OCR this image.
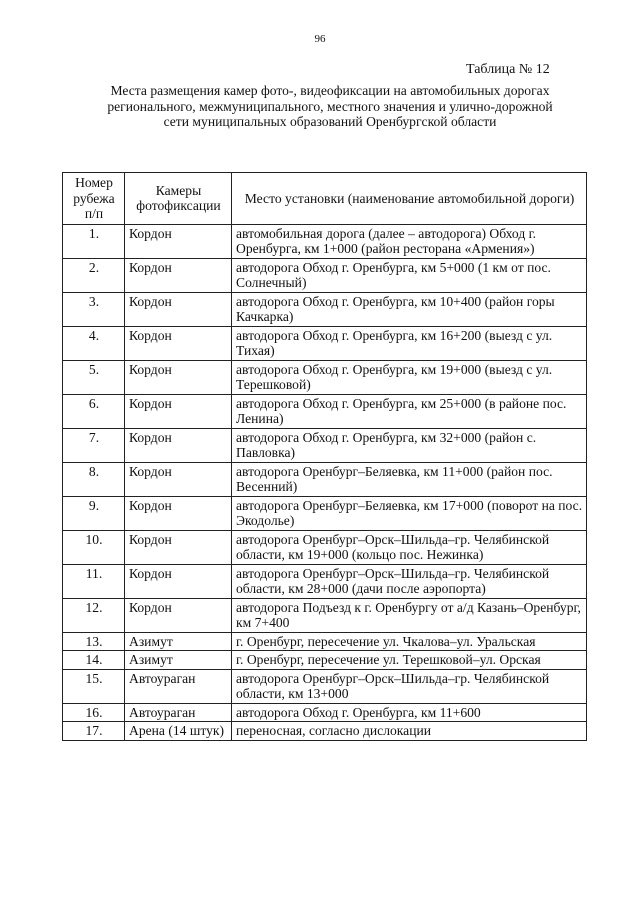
96
Таблица № 12
Места размещения камер фото-, видеофиксации на автомобильных дорогах регионального, межмуниципального, местного значения и улично-дорожной сети муниципальных образований Оренбургской области
Номер рубежа п/п	Камеры фотофиксации	Место установки (наименование автомобильной дороги)
1.	Кордон	автомобильная дорога (далее – автодорога) Обход г. Оренбурга, км 1+000 (район ресторана «Армения»)
2.	Кордон	автодорога Обход г. Оренбурга, км 5+000 (1 км от пос. Солнечный)
3.	Кордон	автодорога Обход г. Оренбурга, км 10+400 (район горы Качкарка)
4.	Кордон	автодорога Обход г. Оренбурга, км 16+200 (выезд с ул. Тихая)
5.	Кордон	автодорога Обход г. Оренбурга, км 19+000 (выезд с ул. Терешковой)
6.	Кордон	автодорога Обход г. Оренбурга, км 25+000 (в районе пос. Ленина)
7.	Кордон	автодорога Обход г. Оренбурга, км 32+000 (район с. Павловка)
8.	Кордон	автодорога Оренбург–Беляевка, км 11+000 (район пос. Весенний)
9.	Кордон	автодорога Оренбург–Беляевка, км 17+000 (поворот на пос. Экодолье)
10.	Кордон	автодорога Оренбург–Орск–Шильда–гр. Челябинской области, км 19+000 (кольцо пос. Нежинка)
11.	Кордон	автодорога Оренбург–Орск–Шильда–гр. Челябинской области, км 28+000 (дачи после аэропорта)
12.	Кордон	автодорога Подъезд к г. Оренбургу от а/д Казань–Оренбург, км 7+400
13.	Азимут	г. Оренбург, пересечение ул. Чкалова–ул. Уральская
14.	Азимут	г. Оренбург, пересечение ул. Терешковой–ул. Орская
15.	Автоураган	автодорога Оренбург–Орск–Шильда–гр. Челябинской области, км 13+000
16.	Автоураган	автодорога Обход г. Оренбурга, км 11+600
17.	Арена (14 штук)	переносная, согласно дислокации
